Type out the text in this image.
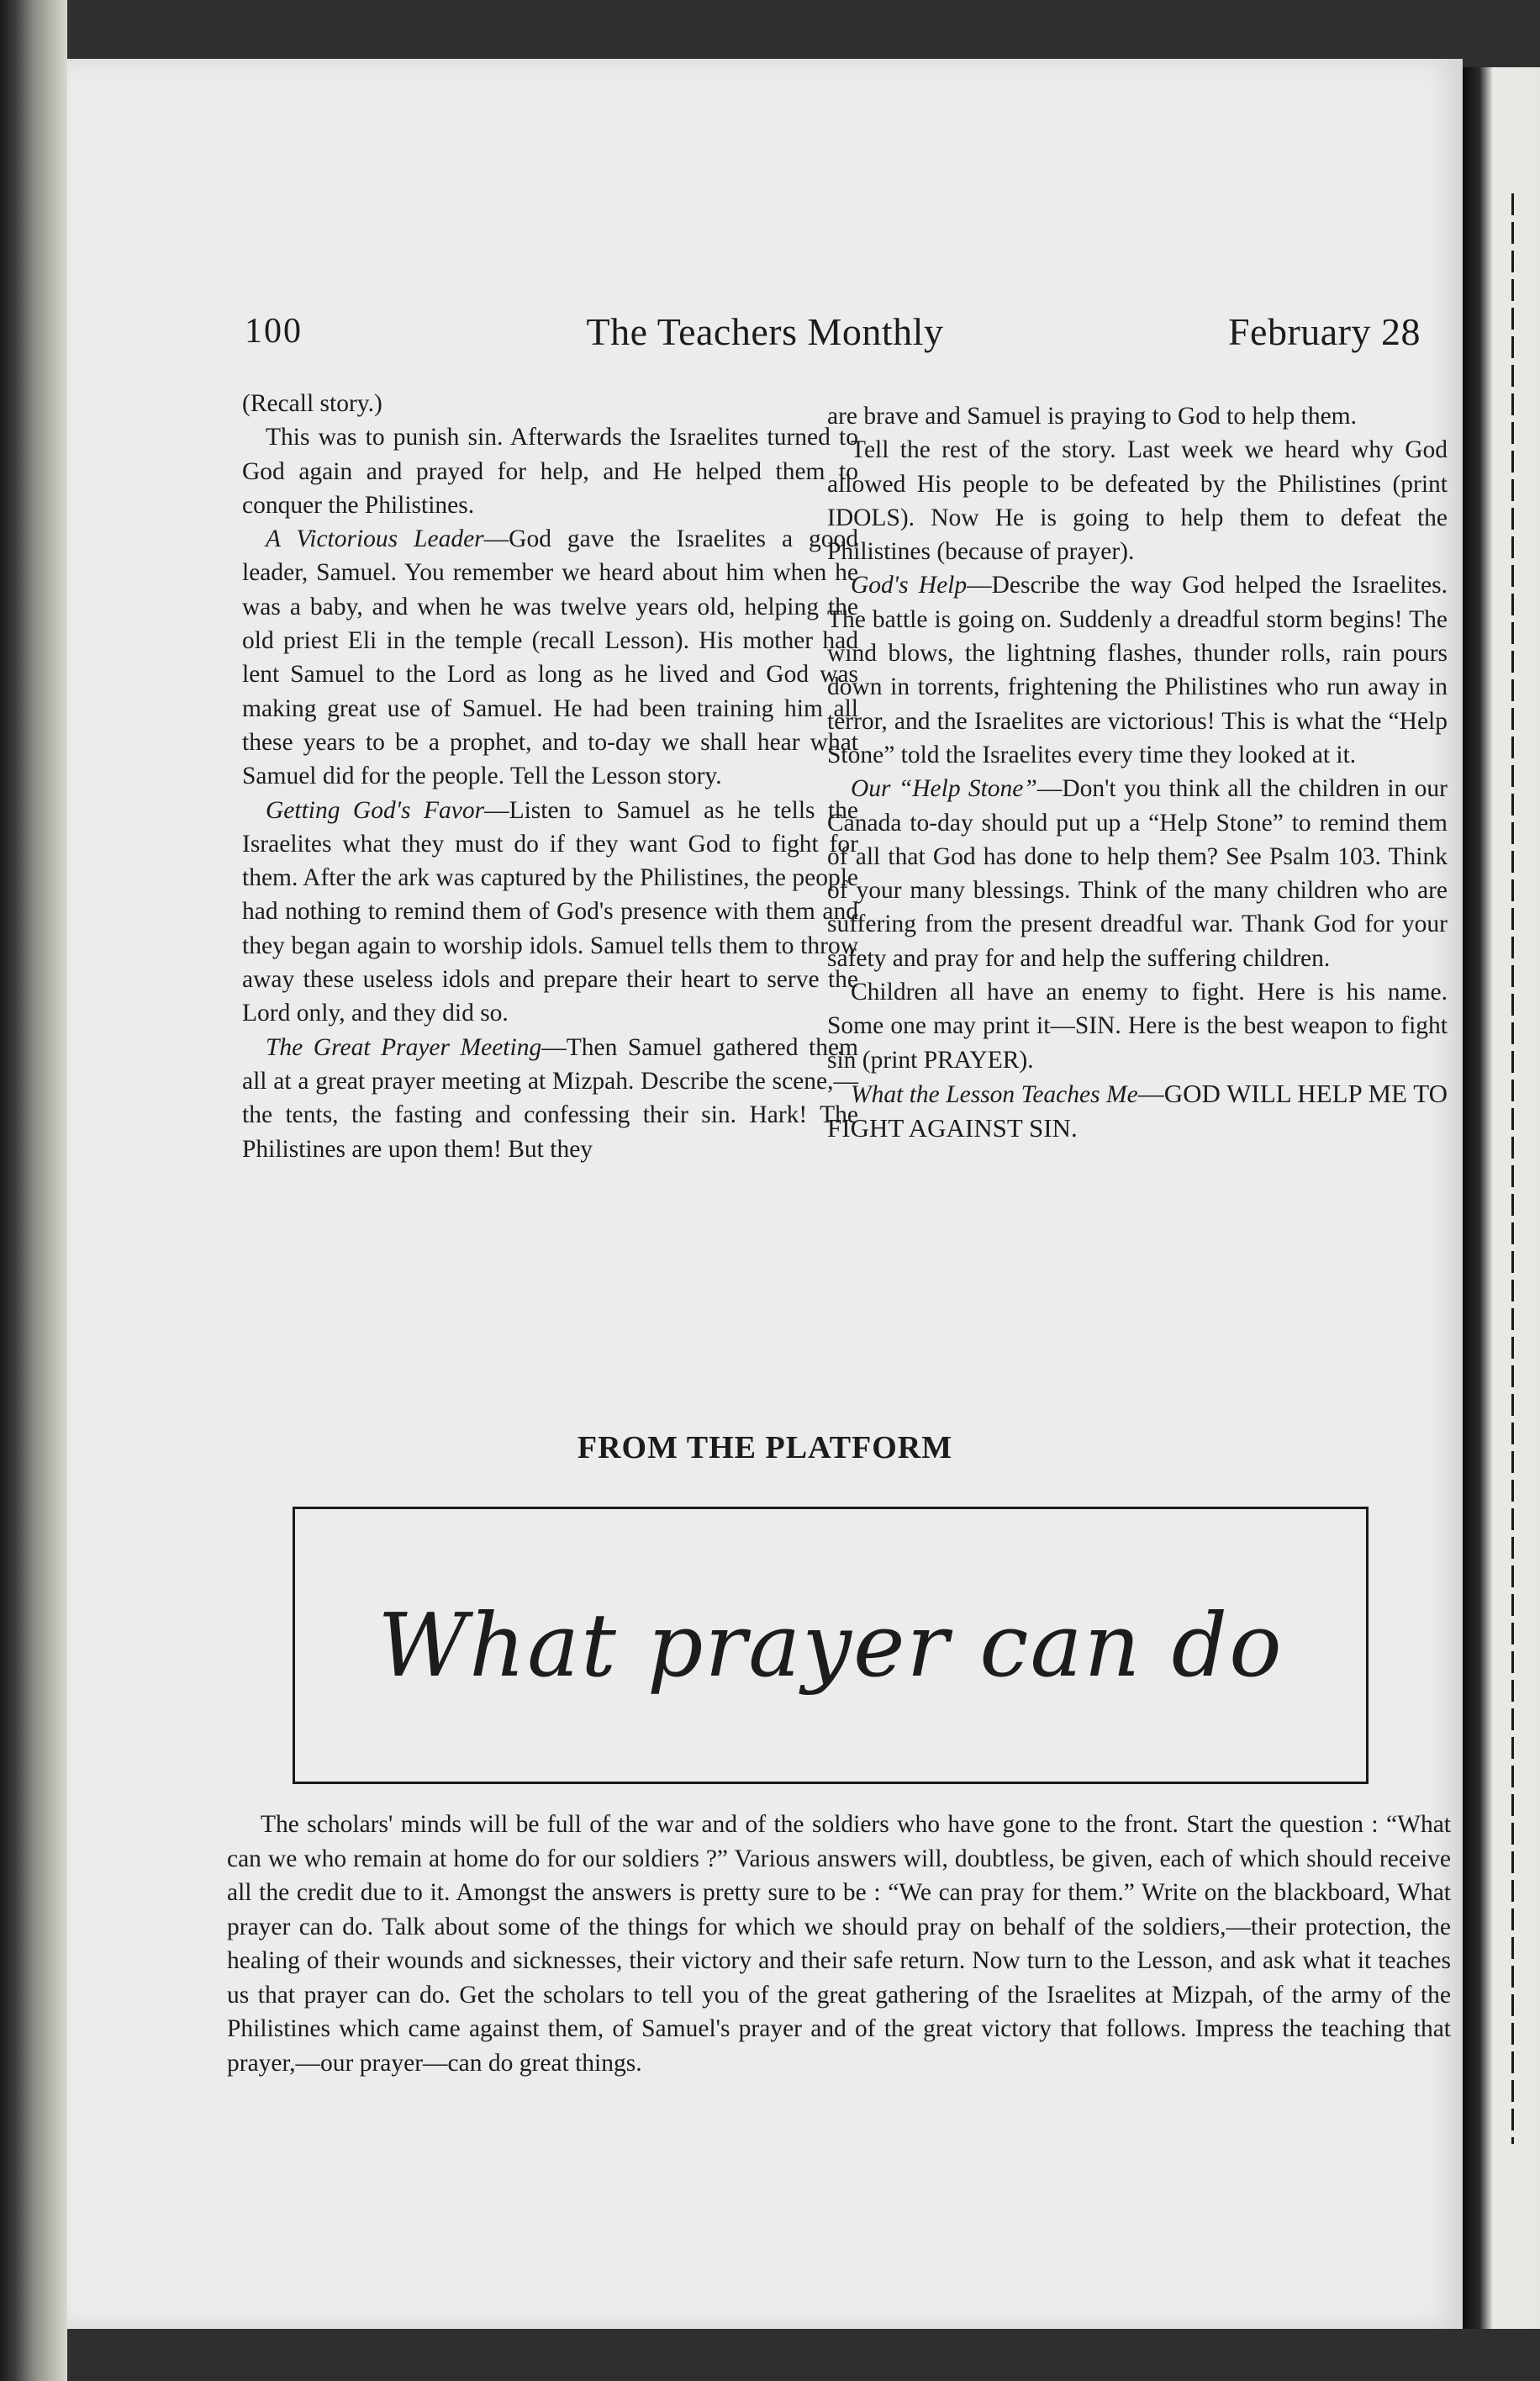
100	The Teachers Monthly	February 28

(Recall story.)

This was to punish sin. Afterwards the Israelites turned to God again and prayed for help, and He helped them to conquer the Philistines.

A Victorious Leader—God gave the Israelites a good leader, Samuel. You remember we heard about him when he was a baby, and when he was twelve years old, helping the old priest Eli in the temple (recall Lesson). His mother had lent Samuel to the Lord as long as he lived and God was making great use of Samuel. He had been training him all these years to be a prophet, and to-day we shall hear what Samuel did for the people. Tell the Lesson story.

Getting God's Favor—Listen to Samuel as he tells the Israelites what they must do if they want God to fight for them. After the ark was captured by the Philistines, the people had nothing to remind them of God's presence with them and they began again to worship idols. Samuel tells them to throw away these useless idols and prepare their heart to serve the Lord only, and they did so.

The Great Prayer Meeting—Then Samuel gathered them all at a great prayer meeting at Mizpah. Describe the scene,—the tents, the fasting and confessing their sin. Hark! The Philistines are upon them! But they

are brave and Samuel is praying to God to help them.

Tell the rest of the story. Last week we heard why God allowed His people to be defeated by the Philistines (print IDOLS). Now He is going to help them to defeat the Philistines (because of prayer).

God's Help—Describe the way God helped the Israelites. The battle is going on. Suddenly a dreadful storm begins! The wind blows, the lightning flashes, thunder rolls, rain pours down in torrents, frightening the Philistines who run away in terror, and the Israelites are victorious! This is what the “Help Stone” told the Israelites every time they looked at it.

Our “Help Stone”—Don't you think all the children in our Canada to-day should put up a “Help Stone” to remind them of all that God has done to help them? See Psalm 103. Think of your many blessings. Think of the many children who are suffering from the present dreadful war. Thank God for your safety and pray for and help the suffering children.

Children all have an enemy to fight. Here is his name. Some one may print it—SIN. Here is the best weapon to fight sin (print PRAYER).

What the Lesson Teaches Me—GOD WILL HELP ME TO FIGHT AGAINST SIN.

FROM THE PLATFORM
What prayer can do

The scholars' minds will be full of the war and of the soldiers who have gone to the front. Start the question : “What can we who remain at home do for our soldiers ?” Various answers will, doubtless, be given, each of which should receive all the credit due to it. Amongst the answers is pretty sure to be : “We can pray for them.” Write on the blackboard, What prayer can do. Talk about some of the things for which we should pray on behalf of the soldiers,—their protection, the healing of their wounds and sicknesses, their victory and their safe return. Now turn to the Lesson, and ask what it teaches us that prayer can do. Get the scholars to tell you of the great gathering of the Israelites at Mizpah, of the army of the Philistines which came against them, of Samuel's prayer and of the great victory that follows. Impress the teaching that prayer,—our prayer—can do great things.
